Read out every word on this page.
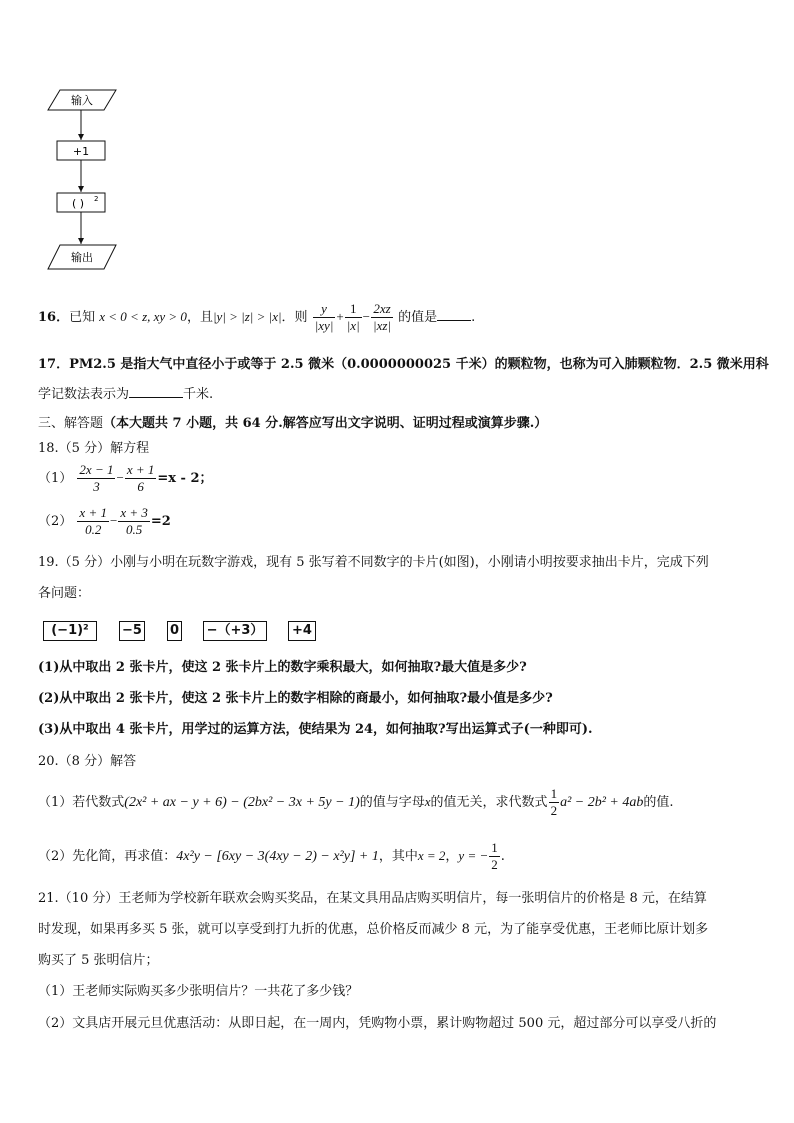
输入
+1
( ) 2
输出
16．已知 x < 0 < z, xy > 0，且|y| > |z| > |x|．则 $\frac{y}{|xy|} + \frac{1}{|x|} - \frac{2xz}{|xz|}$ 的值是	.
17．PM2.5 是指大气中直径小于或等于 2.5 微米（0.0000000025 千米）的颗粒物，也称为可入肺颗粒物．2.5 微米用科
学记数法表示为	千米.
三、解答题（本大题共 7 小题，共 64 分.解答应写出文字说明、证明过程或演算步骤.）
18.（5 分）解方程
$(1) \frac{2x - 1}{3} - \frac{x + 1}{6} =x - 2$；
$(2) \frac{x + 1}{0.2} - \frac{x + 3}{0.5} =2$
19.（5 分）小刚与小明在玩数字游戏，现有 5 张写着不同数字的卡片(如图)，小刚请小明按要求抽出卡片，完成下列
各问题：
(−1)²	−5 0 −（+3）	+4
(1)从中取出 2 张卡片，使这 2 张卡片上的数字乘积最大，如何抽取?最大值是多少?
(2)从中取出 2 张卡片，使这 2 张卡片上的数字相除的商最小，如何抽取?最小值是多少?
(3)从中取出 4 张卡片，用学过的运算方法，使结果为 24，如何抽取?写出运算式子(一种即可).
20.（8 分）解答
（1）若代数式(2x² + ax − y + 6) − (2bx² − 3x + 5y − 1)的值与字母x的值无关，求代数式 $\frac{1}{2} a^2 - 2b^2 + 4ab$的值.
（2）先化简，再求值：4x²y − [6xy − 3(4xy − 2) − x²y] + 1，其中x = 2，y = − $\frac{1}{2}$ .
21.（10 分）王老师为学校新年联欢会购买奖品，在某文具用品店购买明信片，每一张明信片的价格是 8 元，在结算
时发现，如果再多买 5 张，就可以享受到打九折的优惠，总价格反而减少 8 元，为了能享受优惠，王老师比原计划多
购买了 5 张明信片；
（1）王老师实际购买多少张明信片？一共花了多少钱？
（2）文具店开展元旦优惠活动：从即日起，在一周内，凭购物小票，累计购物超过 500 元，超过部分可以享受八折的
